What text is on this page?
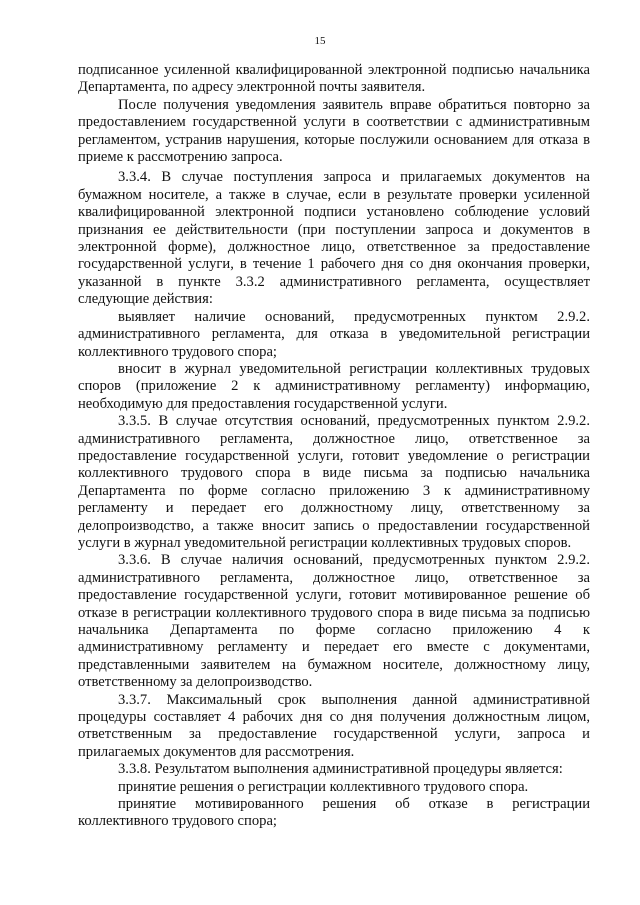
15

подписанное усиленной квалифицированной электронной подписью начальника Департамента, по адресу электронной почты заявителя.

После получения уведомления заявитель вправе обратиться повторно за предоставлением государственной услуги в соответствии с административным регламентом, устранив нарушения, которые послужили основанием для отказа в приеме к рассмотрению запроса.

3.3.4. В случае поступления запроса и прилагаемых документов на бумажном носителе, а также в случае, если в результате проверки усиленной квалифицированной электронной подписи установлено соблюдение условий признания ее действительности (при поступлении запроса и документов в электронной форме), должностное лицо, ответственное за предоставление государственной услуги, в течение 1 рабочего дня со дня окончания проверки, указанной в пункте 3.3.2 административного регламента, осуществляет следующие действия:

выявляет наличие оснований, предусмотренных пунктом 2.9.2. административного регламента, для отказа в уведомительной регистрации коллективного трудового спора;

вносит в журнал уведомительной регистрации коллективных трудовых споров (приложение 2 к административному регламенту) информацию, необходимую для предоставления государственной услуги.

3.3.5. В случае отсутствия оснований, предусмотренных пунктом 2.9.2. административного регламента, должностное лицо, ответственное за предоставление государственной услуги, готовит уведомление о регистрации коллективного трудового спора в виде письма за подписью начальника Департамента по форме согласно приложению 3 к административному регламенту и передает его должностному лицу, ответственному за делопроизводство, а также вносит запись о предоставлении государственной услуги в журнал уведомительной регистрации коллективных трудовых споров.

3.3.6. В случае наличия оснований, предусмотренных пунктом 2.9.2. административного регламента, должностное лицо, ответственное за предоставление государственной услуги, готовит мотивированное решение об отказе в регистрации коллективного трудового спора в виде письма за подписью начальника Департамента по форме согласно приложению 4 к административному регламенту и передает его вместе с документами, представленными заявителем на бумажном носителе, должностному лицу, ответственному за делопроизводство.

3.3.7. Максимальный срок выполнения данной административной процедуры составляет 4 рабочих дня со дня получения должностным лицом, ответственным за предоставление государственной услуги, запроса и прилагаемых документов для рассмотрения.

3.3.8. Результатом выполнения административной процедуры является:

принятие решения о регистрации коллективного трудового спора.

принятие мотивированного решения об отказе в регистрации коллективного трудового спора;
